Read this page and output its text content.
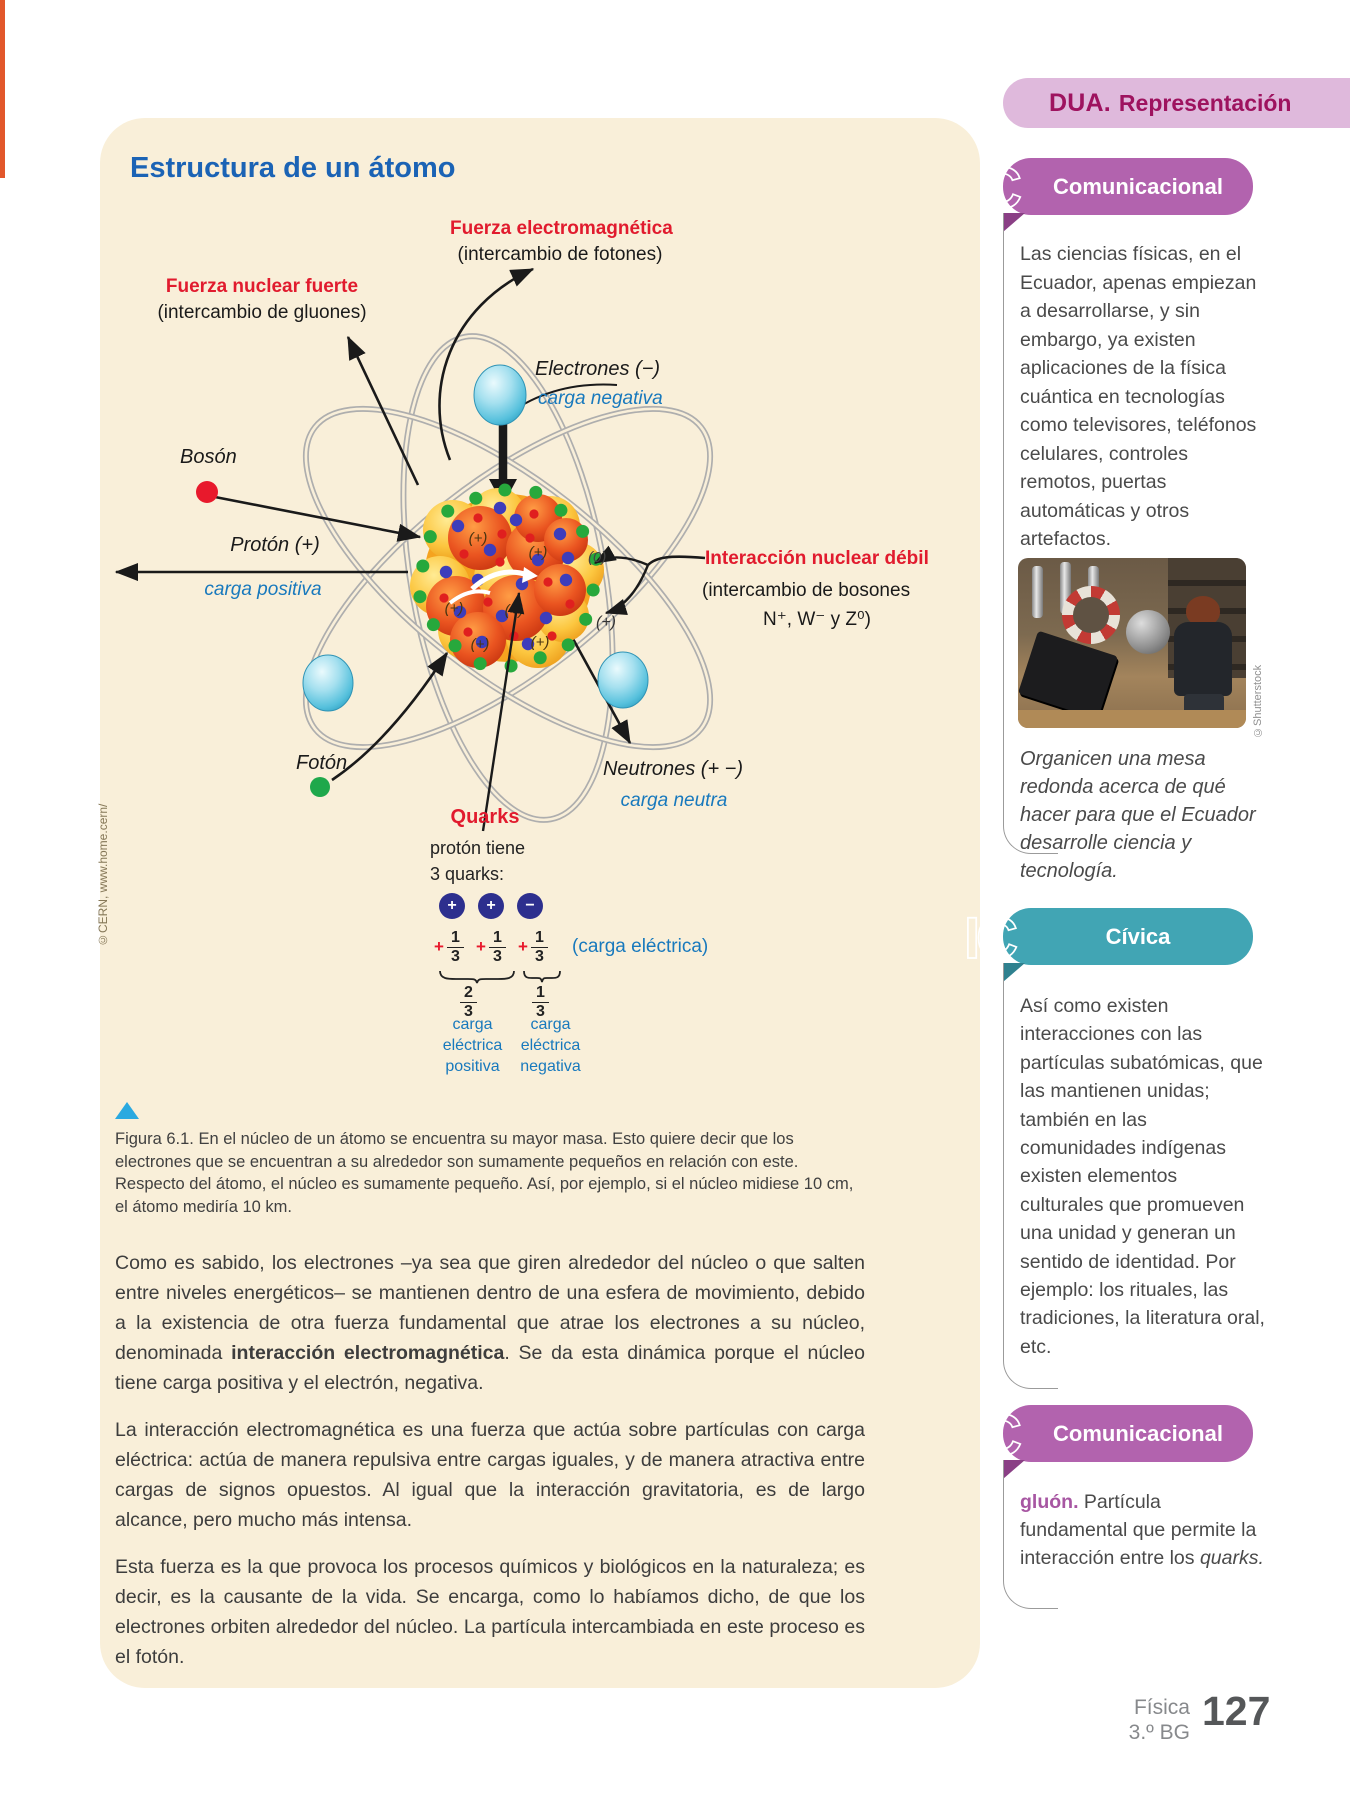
DUA. Representación
Estructura de un átomo
(+)
(+)
(+)	(+)
(+)	(+)
Fuerza electromagnética
(intercambio de fotones)
Fuerza nuclear fuerte
(intercambio de gluones)
Electrones (−)
carga negativa
Bosón
Protón (+)
carga positiva
Interacción nuclear débil
(intercambio de bosones
N⁺, W⁻ y Z⁰)
(0)
(+)
Fotón	Neutrones (+ −)
carga neutra
Quarks
protón tiene
3 quarks:
+	+	−
+ $\frac{1}{3} + \frac{1}{3} + \frac{1}{3}$ (carga eléctrica)
$\frac{2}{3}$	$\frac{1}{3}$
carga
eléctrica
positiva
carga
eléctrica
negativa
©CERN, www.home.cern/
Figura 6.1. En el núcleo de un átomo se encuentra su mayor masa. Esto quiere decir que los electrones que se encuentran a su alrededor son sumamente pequeños en relación con este. Respecto del átomo, el núcleo es sumamente pequeño. Así, por ejemplo, si el núcleo midiese 10 cm, el átomo mediría 10 km.

Como es sabido, los electrones –ya sea que giren alrededor del núcleo o que salten entre niveles energéticos– se mantienen dentro de una esfera de movimiento, debido a la existencia de otra fuerza fundamental que atrae los electrones a su núcleo, denominada interacción electromagnética. Se da esta dinámica porque el núcleo tiene carga positiva y el electrón, negativa.

La interacción electromagnética es una fuerza que actúa sobre partículas con carga eléctrica: actúa de manera repulsiva entre cargas iguales, y de manera atractiva entre cargas de signos opuestos. Al igual que la interacción gravitatoria, es de largo alcance, pero mucho más intensa.

Esta fuerza es la que provoca los procesos químicos y biológicos en la naturaleza; es decir, es la causante de la vida. Se encarga, como lo habíamos dicho, de que los electrones orbiten alrededor del núcleo. La partícula intercambiada en este proceso es el fotón.

Comunicacional
C
Las ciencias físicas, en el Ecuador, apenas empiezan a desarrollarse, y sin embargo, ya existen aplicaciones de la física cuántica en tecnologías como televisores, teléfonos celulares, controles remotos, puertas automáticas y otros artefactos.
©Shutterstock
Organicen una mesa redonda acerca de qué hacer para que el Ecuador desarrolle ciencia y tecnología.
Cívica
IC
Así como existen interacciones con las partículas subatómicas, que las mantienen unidas; también en las comunidades indígenas existen elementos culturales que promueven una unidad y generan un sentido de identidad. Por ejemplo: los rituales, las tradiciones, la literatura oral, etc.
Comunicacional
C
gluón. Partícula fundamental que permite la interacción entre los quarks.
Física
3.º BG 127
